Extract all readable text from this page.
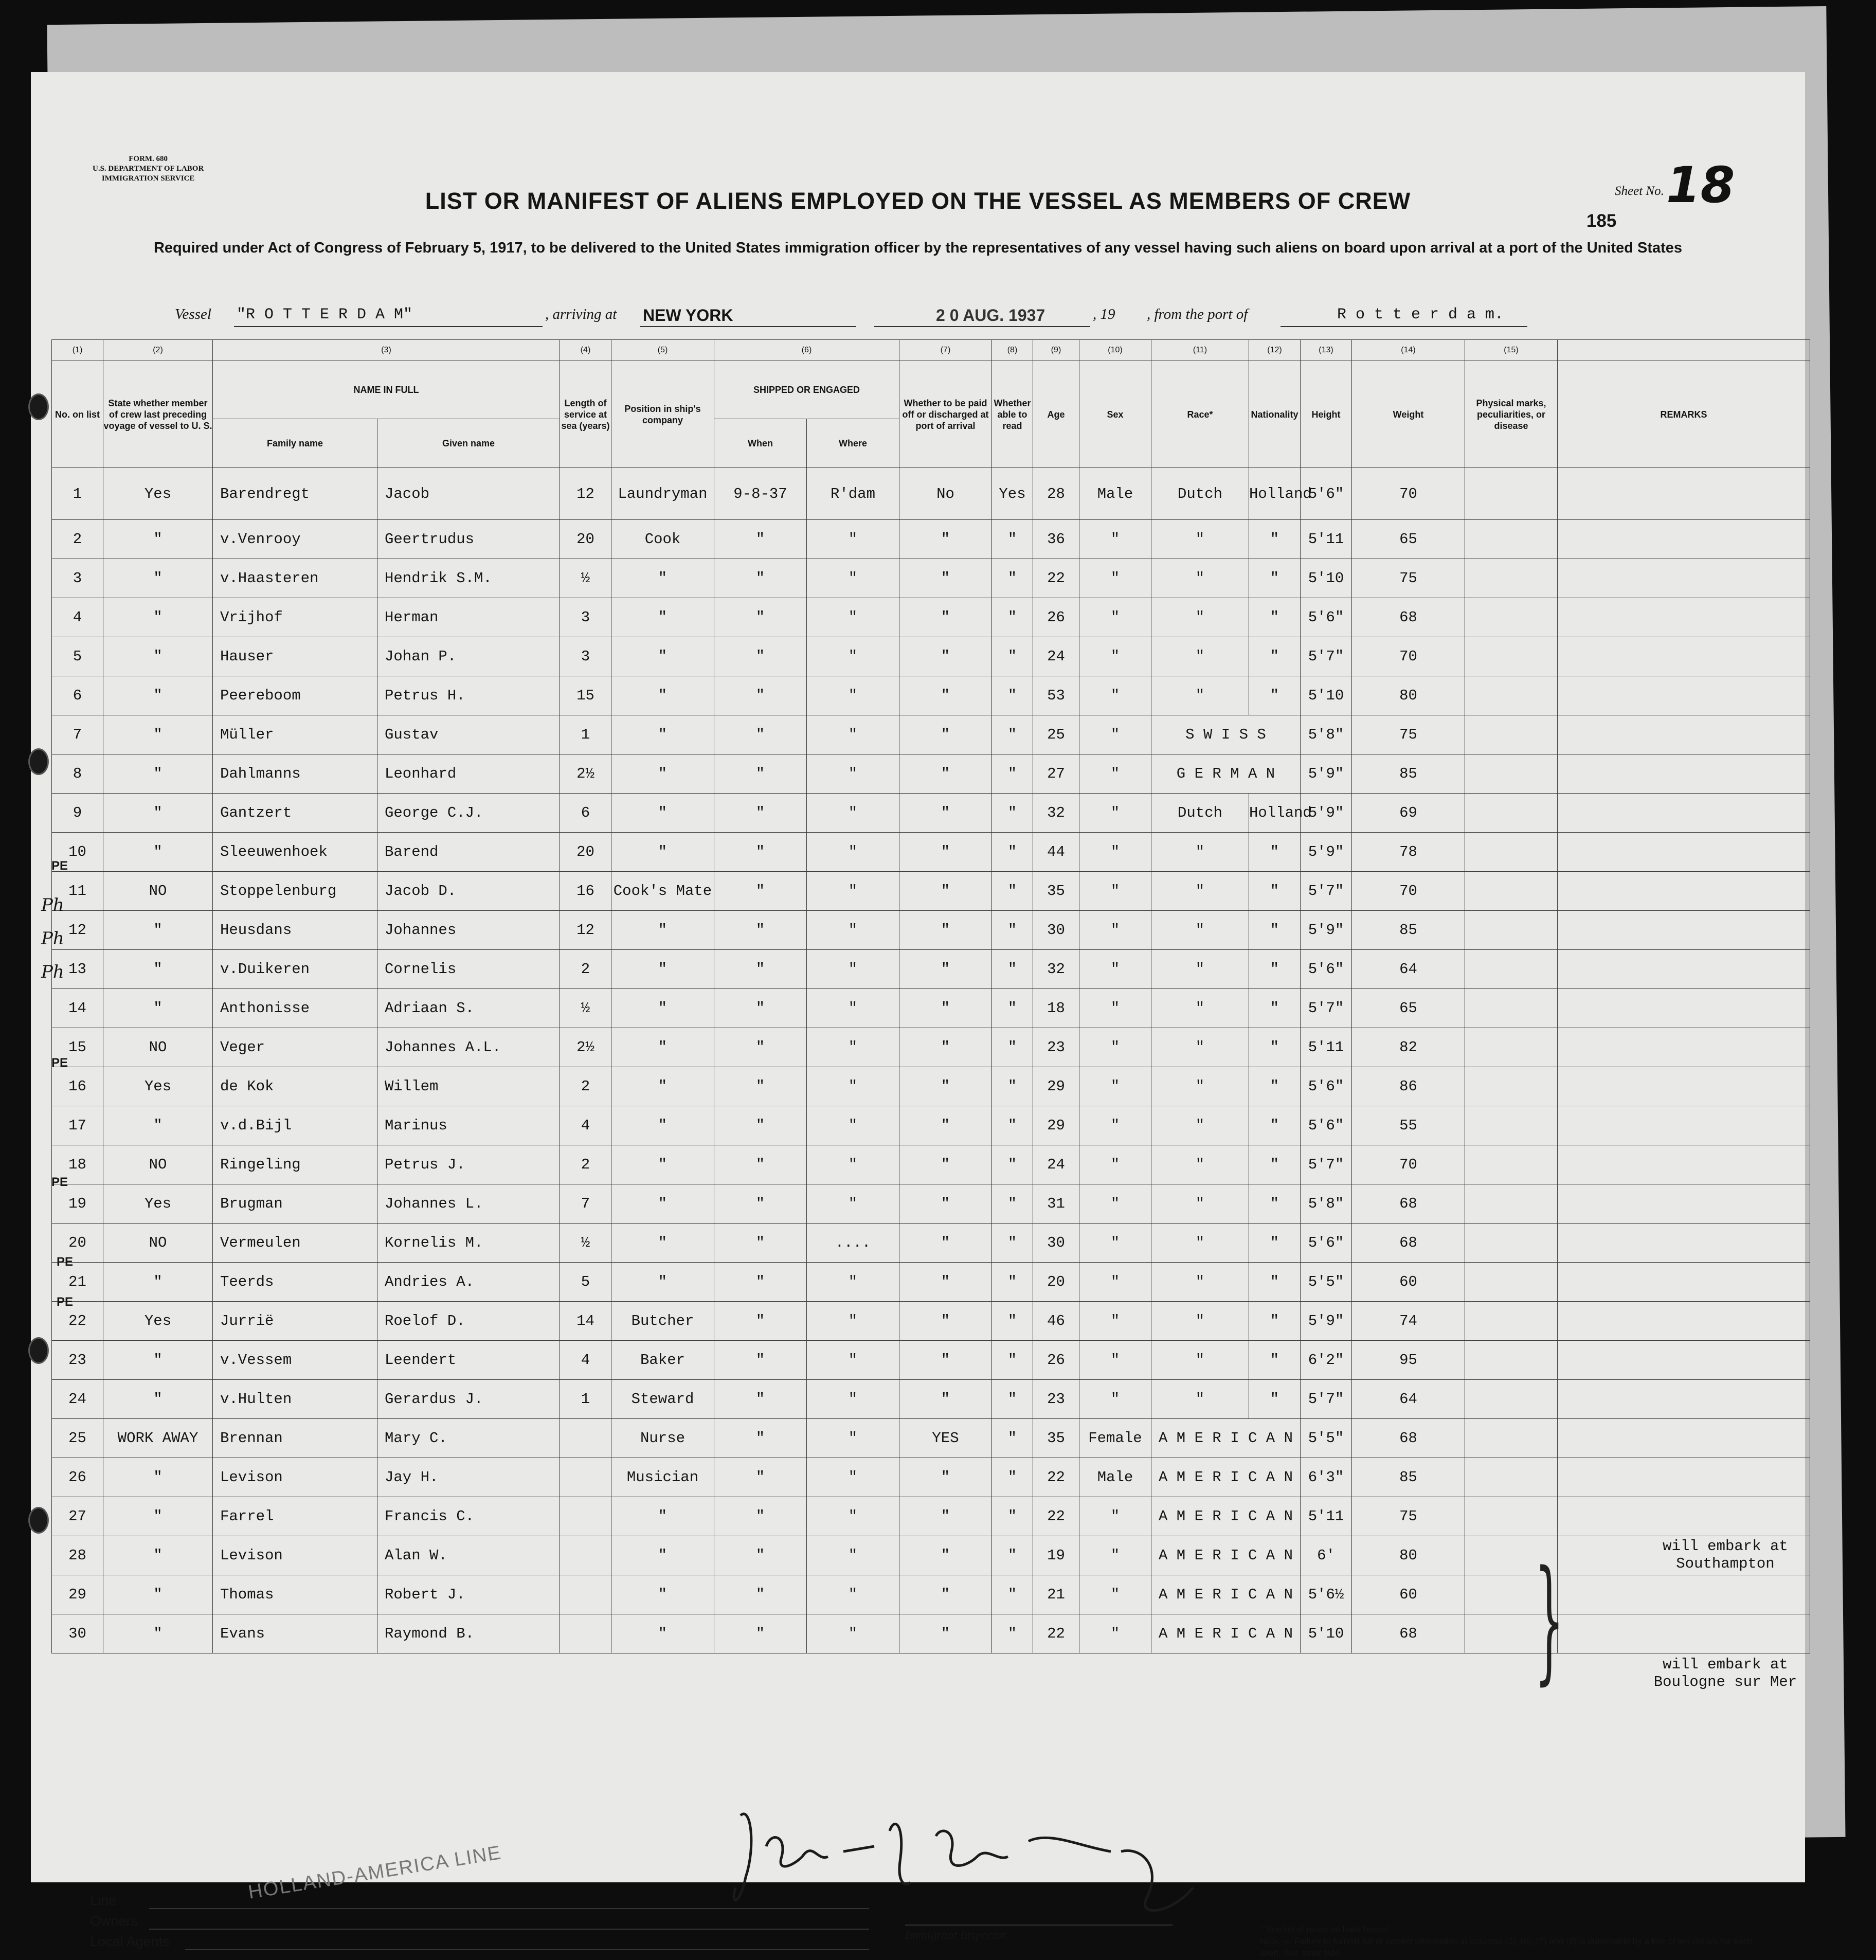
FORM. 680
U.S. DEPARTMENT OF LABOR
IMMIGRATION SERVICE
Sheet No. 18
LIST OR MANIFEST OF ALIENS EMPLOYED ON THE VESSEL AS MEMBERS OF CREW
185
Required under Act of Congress of February 5, 1917, to be delivered to the United States immigration officer by the representatives of any vessel having such aliens on board upon arrival at a port of the United States
Vessel "R O T T E R D A M"	, arriving at NEW YORK	2 0 AUG. 1937	, 19 , from the port of	R o t t e r d a m.
(1)	(2)	(3)		(4)	(5)	(6)		(7)	(8)	(9)	(10)	(11)	(12)	(13)	(14)	(15)	
No. on list	State whether member of crew last preceding voyage of vessel to U. S.	NAME IN FULL		Length of service at sea (years)	Position in ship's company	SHIPPED OR ENGAGED		Whether to be paid off or discharged at port of arrival	Whether able to read	Age	Sex	Race*	Nationality	Height	Weight	Physical marks, peculiarities, or disease	REMARKS
		Family name	Given name			When	Where										
1	Yes	Barendregt	Jacob	12	Laundryman	9-8-37	R'dam	No	Yes	28	Male	Dutch	Holland	5'6"	70		
2	"	v.Venrooy	Geertrudus	20	Cook	"	"	"	"	36	"	"	"	5'11	65		
3	"	v.Haasteren	Hendrik S.M.	½	"	"	"	"	"	22	"	"	"	5'10	75		
4	"	Vrijhof	Herman	3	"	"	"	"	"	26	"	"	"	5'6"	68		
5	"	Hauser	Johan P.	3	"	"	"	"	"	24	"	"	"	5'7"	70		
6	"	Peereboom	Petrus H.	15	"	"	"	"	"	53	"	"	"	5'10	80		
7	"	Müller	Gustav	1	"	"	"	"	"	25	"	S W I S S		5'8"	75		
8	"	Dahlmanns	Leonhard	2½	"	"	"	"	"	27	"	G E R M A N		5'9"	85		
9	"	Gantzert	George C.J.	6	"	"	"	"	"	32	"	Dutch	Holland	5'9"	69		
10	"	Sleeuwenhoek	Barend	20	"	"	"	"	"	44	"	"	"	5'9"	78		
11	NO	Stoppelenburg	Jacob D.	16	Cook's Mate	"	"	"	"	35	"	"	"	5'7"	70		
12	"	Heusdans	Johannes	12	"	"	"	"	"	30	"	"	"	5'9"	85		
13	"	v.Duikeren	Cornelis	2	"	"	"	"	"	32	"	"	"	5'6"	64		
14	"	Anthonisse	Adriaan S.	½	"	"	"	"	"	18	"	"	"	5'7"	65		
15	NO	Veger	Johannes A.L.	2½	"	"	"	"	"	23	"	"	"	5'11	82		
16	Yes	de Kok	Willem	2	"	"	"	"	"	29	"	"	"	5'6"	86		
17	"	v.d.Bijl	Marinus	4	"	"	"	"	"	29	"	"	"	5'6"	55		
18	NO	Ringeling	Petrus J.	2	"	"	"	"	"	24	"	"	"	5'7"	70		
19	Yes	Brugman	Johannes L.	7	"	"	"	"	"	31	"	"	"	5'8"	68		
20	NO	Vermeulen	Kornelis M.	½	"	"	....	"	"	30	"	"	"	5'6"	68		
21	"	Teerds	Andries A.	5	"	"	"	"	"	20	"	"	"	5'5"	60		
22	Yes	Jurrië	Roelof D.	14	Butcher	"	"	"	"	46	"	"	"	5'9"	74		
23	"	v.Vessem	Leendert	4	Baker	"	"	"	"	26	"	"	"	6'2"	95		
24	"	v.Hulten	Gerardus J.	1	Steward	"	"	"	"	23	"	"	"	5'7"	64		
25	WORK AWAY	Brennan	Mary C.		Nurse	"	"	YES	"	35	Female	A M E R I C A N		5'5"	68		
26	"	Levison	Jay H.		Musician	"	"	"	"	22	Male	A M E R I C A N		6'3"	85		
27	"	Farrel	Francis C.		"	"	"	"	"	22	"	A M E R I C A N		5'11	75		
28	"	Levison	Alan W.		"	"	"	"	"	19	"	A M E R I C A N		6'	80		
29	"	Thomas	Robert J.		"	"	"	"	"	21	"	A M E R I C A N		5'6½	60		
30	"	Evans	Raymond B.		"	"	"	"	"	22	"	A M E R I C A N		5'10	68		
will embark at Southampton
will embark at Boulogne sur Mer
}
PE
Ph
Ph
Ph
PE
PE
PE
PE
Line
Owners
Local Agents
HOLLAND-AMERICA LINE
Immigrant Inspector.	* See list of races on back hereof.
Note. — Failure to furnish full or correct information in columns (3), (6), (7) and (8) is punishable by a fine of ten dollars for each alien. See other side.
